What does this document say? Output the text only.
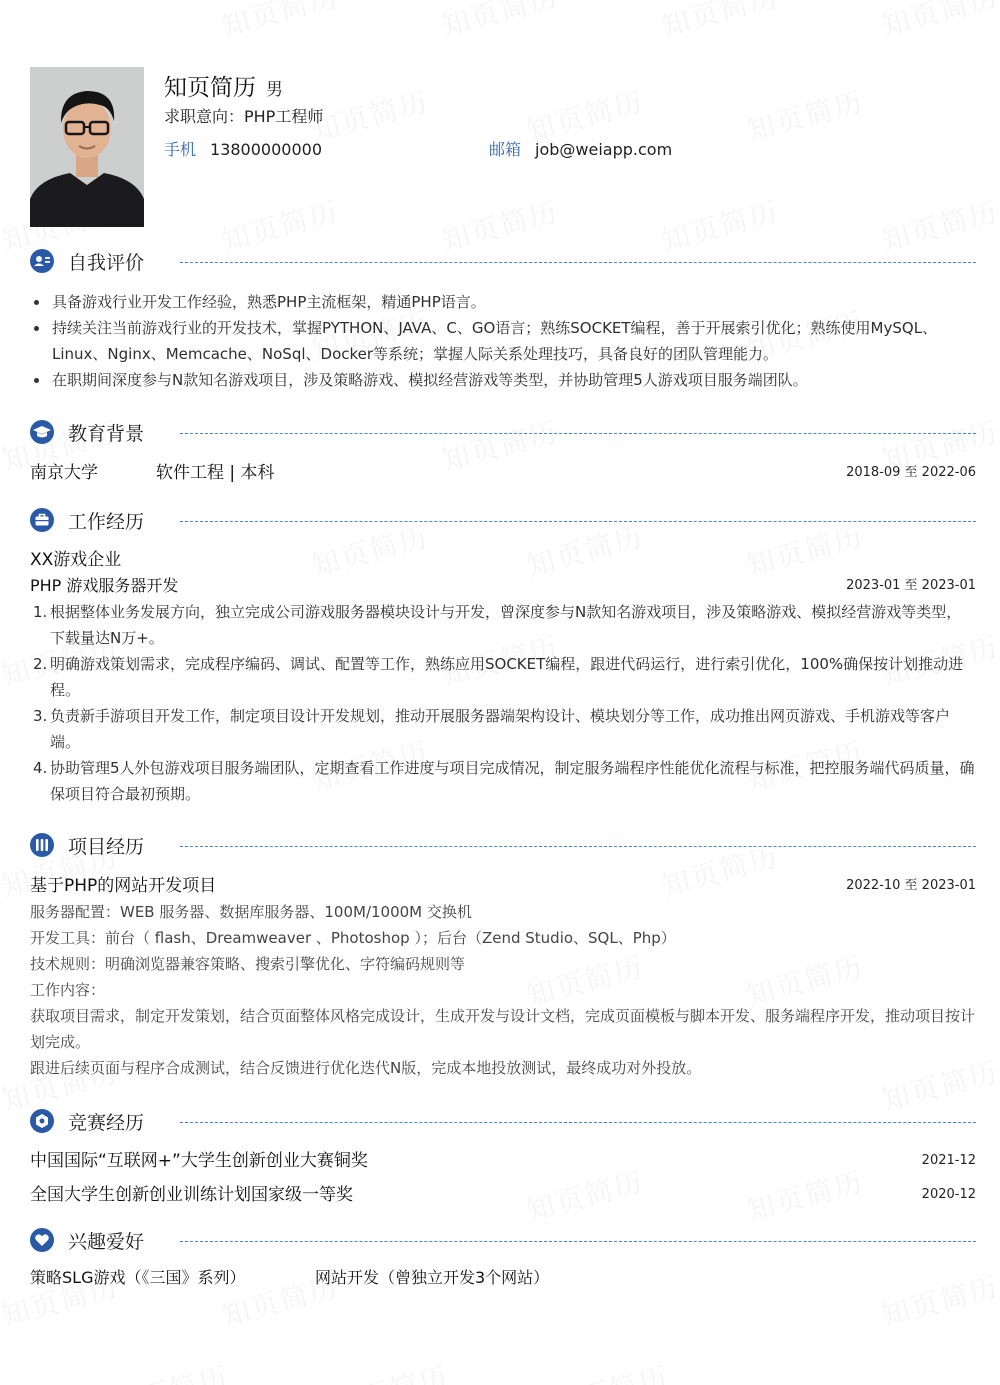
知页简历 男
求职意向：PHP工程师
手机 13800000000	邮箱 job@weiapp.com
自我评价
具备游戏行业开发工作经验，熟悉PHP主流框架，精通PHP语言。
持续关注当前游戏行业的开发技术，掌握PYTHON、JAVA、C、GO语言；熟练SOCKET编程，善于开展索引优化；熟练使用MySQL、Linux、Nginx、Memcache、NoSql、Docker等系统；掌握人际关系处理技巧，具备良好的团队管理能力。
在职期间深度参与N款知名游戏项目，涉及策略游戏、模拟经营游戏等类型，并协助管理5人游戏项目服务端团队。
教育背景
南京大学	软件工程 | 本科	2018-09 至 2022-06
工作经历
XX游戏企业
PHP 游戏服务器开发	2023-01 至 2023-01
1. 根据整体业务发展方向，独立完成公司游戏服务器模块设计与开发，曾深度参与N款知名游戏项目，涉及策略游戏、模拟经营游戏等类型，下载量达N万+。
2. 明确游戏策划需求，完成程序编码、调试、配置等工作，熟练应用SOCKET编程，跟进代码运行，进行索引优化，100%确保按计划推动进程。
3. 负责新手游项目开发工作，制定项目设计开发规划，推动开展服务器端架构设计、模块划分等工作，成功推出网页游戏、手机游戏等客户端。
4. 协助管理5人外包游戏项目服务端团队，定期查看工作进度与项目完成情况，制定服务端程序性能优化流程与标准，把控服务端代码质量，确保项目符合最初预期。
项目经历
基于PHP的网站开发项目	2022-10 至 2023-01
服务器配置：WEB 服务器、数据库服务器、100M/1000M 交换机
开发工具：前台（ flash、Dreamweaver 、Photoshop ）；后台（Zend Studio、SQL、Php）
技术规则：明确浏览器兼容策略、搜索引擎优化、字符编码规则等
工作内容：
获取项目需求，制定开发策划，结合页面整体风格完成设计，生成开发与设计文档，完成页面模板与脚本开发、服务端程序开发，推动项目按计划完成。
跟进后续页面与程序合成测试，结合反馈进行优化迭代N版，完成本地投放测试，最终成功对外投放。
竞赛经历
中国国际“互联网+”大学生创新创业大赛铜奖	2021-12
全国大学生创新创业训练计划国家级一等奖	2020-12
兴趣爱好
策略SLG游戏（《三国》系列）	网站开发（曾独立开发3个网站）
